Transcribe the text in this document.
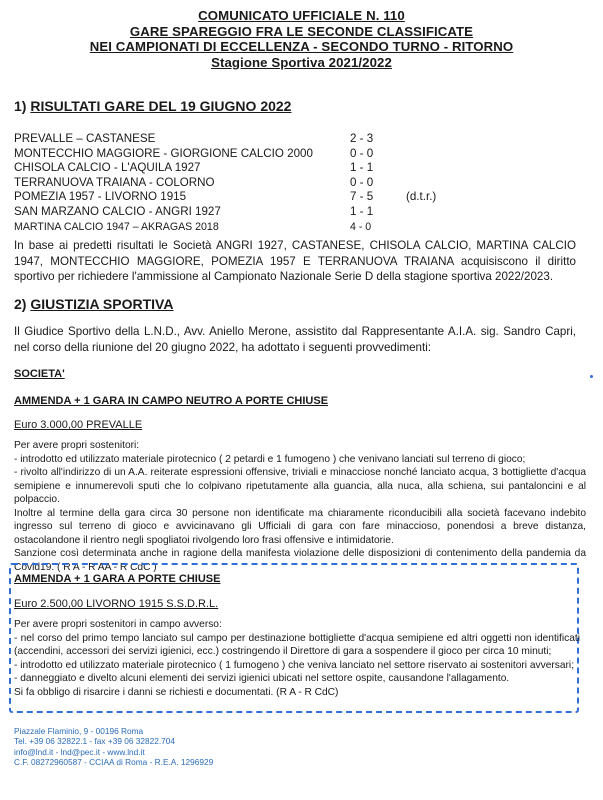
COMUNICATO UFFICIALE N. 110
GARE SPAREGGIO FRA LE SECONDE CLASSIFICATE
NEI CAMPIONATI DI ECCELLENZA - SECONDO TURNO - RITORNO
Stagione Sportiva 2021/2022
1) RISULTATI GARE DEL 19 GIUGNO 2022
PREVALLE – CASTANESE	2 - 3
MONTECCHIO MAGGIORE - GIORGIONE CALCIO 2000	0 - 0
CHISOLA CALCIO - L'AQUILA 1927	1 - 1
TERRANUOVA TRAIANA - COLORNO	0 - 0
POMEZIA 1957 - LIVORNO 1915	7 - 5	(d.t.r.)
SAN MARZANO CALCIO - ANGRI 1927	1 - 1
MARTINA CALCIO 1947 – AKRAGAS 2018	4 - 0
In base ai predetti risultati le Società ANGRI 1927, CASTANESE, CHISOLA CALCIO, MARTINA CALCIO 1947, MONTECCHIO MAGGIORE, POMEZIA 1957 E TERRANUOVA TRAIANA acquisiscono il diritto sportivo per richiedere l'ammissione al Campionato Nazionale Serie D della stagione sportiva 2022/2023.
2) GIUSTIZIA SPORTIVA
Il Giudice Sportivo della L.N.D., Avv. Aniello Merone, assistito dal Rappresentante A.I.A. sig. Sandro Capri, nel corso della riunione del 20 giugno 2022, ha adottato i seguenti provvedimenti:
SOCIETA'
AMMENDA + 1 GARA IN CAMPO NEUTRO A PORTE CHIUSE
Euro 3.000,00 PREVALLE

Per avere propri sostenitori:

- introdotto ed utilizzato materiale pirotecnico ( 2 petardi e 1 fumogeno ) che venivano lanciati sul terreno di gioco;

- rivolto all'indirizzo di un A.A. reiterate espressioni offensive, triviali e minacciose nonché lanciato acqua, 3 bottigliette d'acqua semipiene e innumerevoli sputi che lo colpivano ripetutamente alla guancia, alla nuca, alla schiena, sui pantaloncini e al polpaccio.

Inoltre al termine della gara circa 30 persone non identificate ma chiaramente riconducibili alla società facevano indebito ingresso sul terreno di gioco e avvicinavano gli Ufficiali di gara con fare minaccioso, ponendosi a breve distanza, ostacolandone il rientro negli spogliatoi rivolgendo loro frasi offensive e intimidatorie.

Sanzione così determinata anche in ragione della manifesta violazione delle disposizioni di contenimento della pandemia da Covid19. ( R A - R AA - R CdC )

AMMENDA + 1 GARA A PORTE CHIUSE
Euro 2.500,00 LIVORNO 1915 S.S.D.R.L.

Per avere propri sostenitori in campo avverso:

- nel corso del primo tempo lanciato sul campo per destinazione bottigliette d'acqua semipiene ed altri oggetti non identificati (accendini, accessori dei servizi igienici, ecc.) costringendo il Direttore di gara a sospendere il gioco per circa 10 minuti;

- introdotto ed utilizzato materiale pirotecnico ( 1 fumogeno ) che veniva lanciato nel settore riservato ai sostenitori avversari;

- danneggiato e divelto alcuni elementi dei servizi igienici ubicati nel settore ospite, causandone l'allagamento.

Si fa obbligo di risarcire i danni se richiesti e documentati. (R A - R CdC)

Piazzale Flaminio, 9 - 00196 Roma
Tel. +39 06 32822.1 - fax +39 06 32822.704
info@lnd.it - lnd@pec.it - www.lnd.it
C.F. 08272960587 - CCIAA di Roma - R.E.A. 1296929
